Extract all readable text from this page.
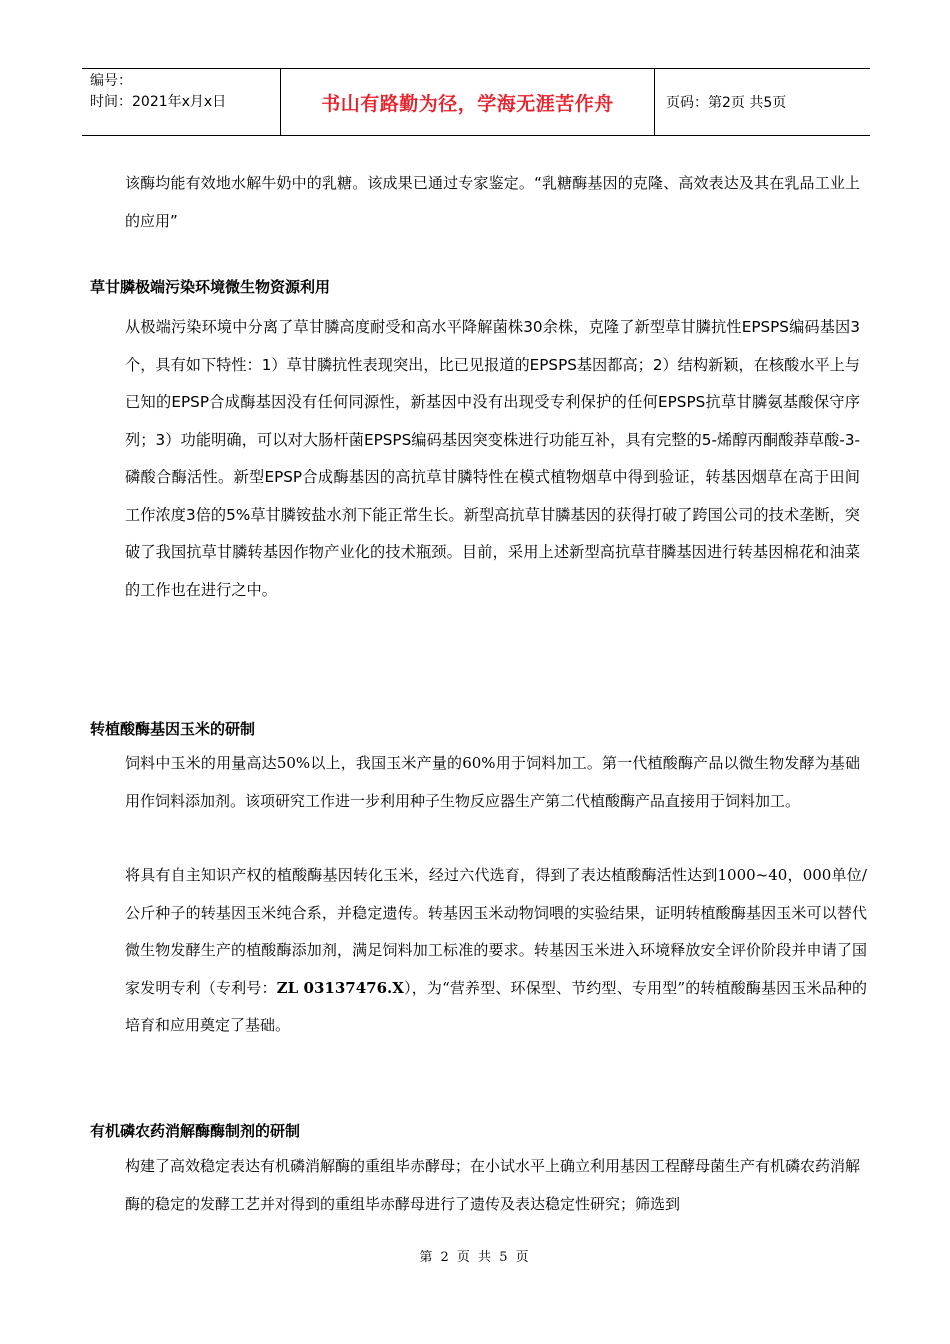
编号：
时间：2021年x月x日	书山有路勤为径，学海无涯苦作舟	页码：第2页 共5页

该酶均能有效地水解牛奶中的乳糖。该成果已通过专家鉴定。“乳糖酶基因的克隆、高效表达及其在乳品工业上的应用”

草甘膦极端污染环境微生物资源利用

从极端污染环境中分离了草甘膦高度耐受和高水平降解菌株30余株，克隆了新型草甘膦抗性EPSPS编码基因3个，具有如下特性：1）草甘膦抗性表现突出，比已见报道的EPSPS基因都高；2）结构新颖，在核酸水平上与已知的EPSP合成酶基因没有任何同源性，新基因中没有出现受专利保护的任何EPSPS抗草甘膦氨基酸保守序列；3）功能明确，可以对大肠杆菌EPSPS编码基因突变株进行功能互补，具有完整的5-烯醇丙酮酸莽草酸-3-磷酸合酶活性。新型EPSP合成酶基因的高抗草甘膦特性在模式植物烟草中得到验证，转基因烟草在高于田间工作浓度3倍的5%草甘膦铵盐水剂下能正常生长。新型高抗草甘膦基因的获得打破了跨国公司的技术垄断，突破了我国抗草甘膦转基因作物产业化的技术瓶颈。目前，采用上述新型高抗草苷膦基因进行转基因棉花和油菜的工作也在进行之中。

转植酸酶基因玉米的研制

饲料中玉米的用量高达50%以上，我国玉米产量的60%用于饲料加工。第一代植酸酶产品以微生物发酵为基础用作饲料添加剂。该项研究工作进一步利用种子生物反应器生产第二代植酸酶产品直接用于饲料加工。

将具有自主知识产权的植酸酶基因转化玉米，经过六代选育，得到了表达植酸酶活性达到1000~40，000单位/公斤种子的转基因玉米纯合系，并稳定遗传。转基因玉米动物饲喂的实验结果，证明转植酸酶基因玉米可以替代微生物发酵生产的植酸酶添加剂，满足饲料加工标准的要求。转基因玉米进入环境释放安全评价阶段并申请了国家发明专利（专利号：ZL 03137476.X），为“营养型、环保型、节约型、专用型”的转植酸酶基因玉米品种的培育和应用奠定了基础。

有机磷农药消解酶酶制剂的研制

构建了高效稳定表达有机磷消解酶的重组毕赤酵母；在小试水平上确立利用基因工程酵母菌生产有机磷农药消解酶的稳定的发酵工艺并对得到的重组毕赤酵母进行了遗传及表达稳定性研究；筛选到

第 2 页 共 5 页
